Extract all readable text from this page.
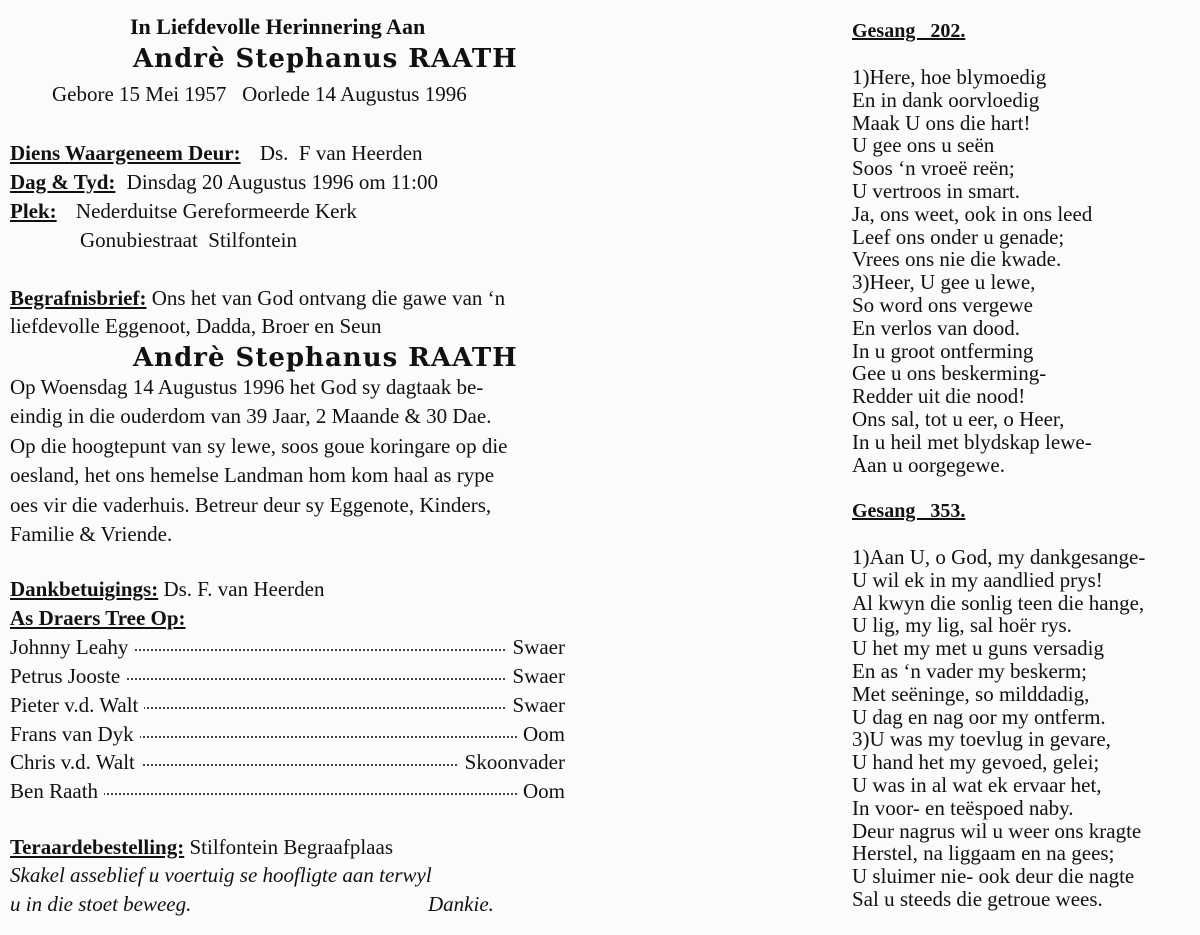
In Liefdevolle Herinnering Aan
Andrè Stephanus RAATH
Gebore 15 Mei 1957   Oorlede 14 Augustus 1996
Diens Waargeneem Deur: Ds.  F van Heerden
Dag & Tyd: Dinsdag 20 Augustus 1996 om 11:00
Plek: Nederduitse Gereformeerde Kerk
Gonubiestraat  Stilfontein
Begrafnisbrief: Ons het van God ontvang die gawe van ‘n
liefdevolle Eggenoot, Dadda, Broer en Seun
Andrè Stephanus RAATH
Op Woensdag 14 Augustus 1996 het God sy dagtaak be-
eindig in die ouderdom van 39 Jaar, 2 Maande & 30 Dae.
Op die hoogtepunt van sy lewe, soos goue koringare op die
oesland, het ons hemelse Landman hom kom haal as rype
oes vir die vaderhuis. Betreur deur sy Eggenote, Kinders,
Familie & Vriende.
Dankbetuigings: Ds. F. van Heerden
As Draers Tree Op:
Johnny Leahy	Swaer
Petrus Jooste	Swaer
Pieter v.d. Walt	Swaer
Frans van Dyk	Oom
Chris v.d. Walt	Skoonvader
Ben Raath	Oom
Teraardebestelling: Stilfontein Begraafplaas
Skakel asseblief u voertuig se hoofligte aan terwyl
u in die stoet beweeg.	Dankie.
Gesang   202.
1)Here, hoe blymoedig
En in dank oorvloedig
Maak U ons die hart!
U gee ons u seën
Soos ‘n vroeë reën;
U vertroos in smart.
Ja, ons weet, ook in ons leed
Leef ons onder u genade;
Vrees ons nie die kwade.
3)Heer, U gee u lewe,
So word ons vergewe
En verlos van dood.
In u groot ontferming
Gee u ons beskerming-
Redder uit die nood!
Ons sal, tot u eer, o Heer,
In u heil met blydskap lewe-
Aan u oorgegewe.
Gesang   353.
1)Aan U, o God, my dankgesange-
U wil ek in my aandlied prys!
Al kwyn die sonlig teen die hange,
U lig, my lig, sal hoër rys.
U het my met u guns versadig
En as ‘n vader my beskerm;
Met seëninge, so milddadig,
U dag en nag oor my ontferm.
3)U was my toevlug in gevare,
U hand het my gevoed, gelei;
U was in al wat ek ervaar het,
In voor- en teëspoed naby.
Deur nagrus wil u weer ons kragte
Herstel, na liggaam en na gees;
U sluimer nie- ook deur die nagte
Sal u steeds die getroue wees.
